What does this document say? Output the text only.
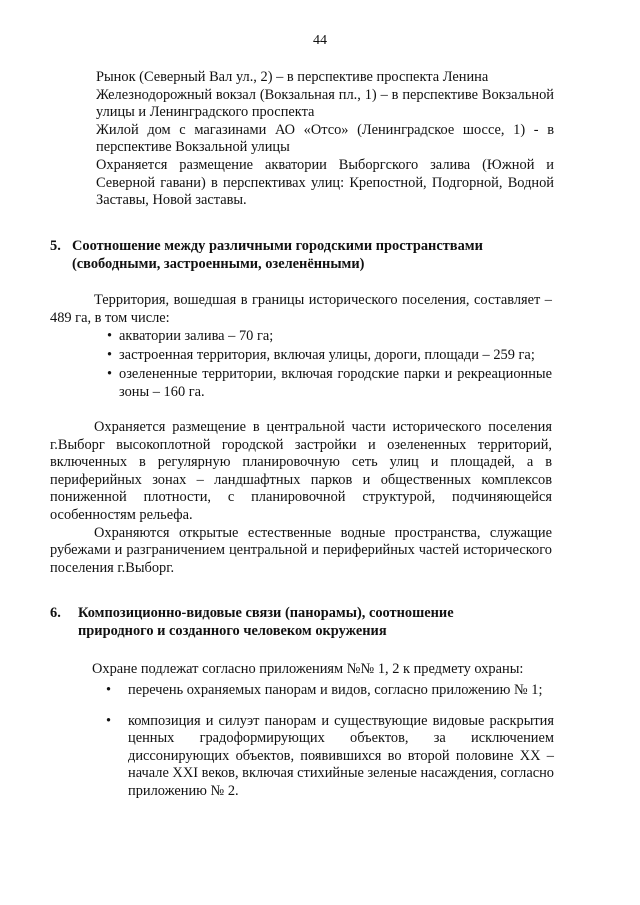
44

Рынок (Северный Вал ул., 2) – в перспективе проспекта Ленина

Железнодорожный вокзал (Вокзальная пл., 1) – в перспективе Вокзальной улицы и Ленинградского проспекта

Жилой дом с магазинами АО «Отсо» (Ленинградское шоссе, 1) - в перспективе Вокзальной улицы

Охраняется размещение акватории Выборгского залива (Южной и Северной гавани) в перспективах улиц: Крепостной, Подгорной, Водной Заставы, Новой заставы.

5. Соотношение между различными городскими пространствами (свободными, застроенными, озеленёнными)

Территория, вошедшая в границы исторического поселения, составляет – 489 га, в том числе:

• акватории залива – 70 га;

• застроенная территория, включая улицы, дороги, площади – 259 га;

• озелененные территории, включая городские парки и рекреационные зоны – 160 га.

Охраняется размещение в центральной части исторического поселения г.Выборг высокоплотной городской застройки и озелененных территорий, включенных в регулярную планировочную сеть улиц и площадей, а в периферийных зонах – ландшафтных парков и общественных комплексов пониженной плотности, с планировочной структурой, подчиняющейся особенностям рельефа.

Охраняются открытые естественные водные пространства, служащие рубежами и разграничением центральной и периферийных частей исторического поселения г.Выборг.

6. Композиционно-видовые связи (панорамы), соотношение природного и созданного человеком окружения

Охране подлежат согласно приложениям №№ 1, 2 к предмету охраны:

• перечень охраняемых панорам и видов, согласно приложению № 1;

• композиция и силуэт панорам и существующие видовые раскрытия ценных градоформирующих объектов, за исключением диссонирующих объектов, появившихся во второй половине XX – начале XXI веков, включая стихийные зеленые насаждения, согласно приложению № 2.
